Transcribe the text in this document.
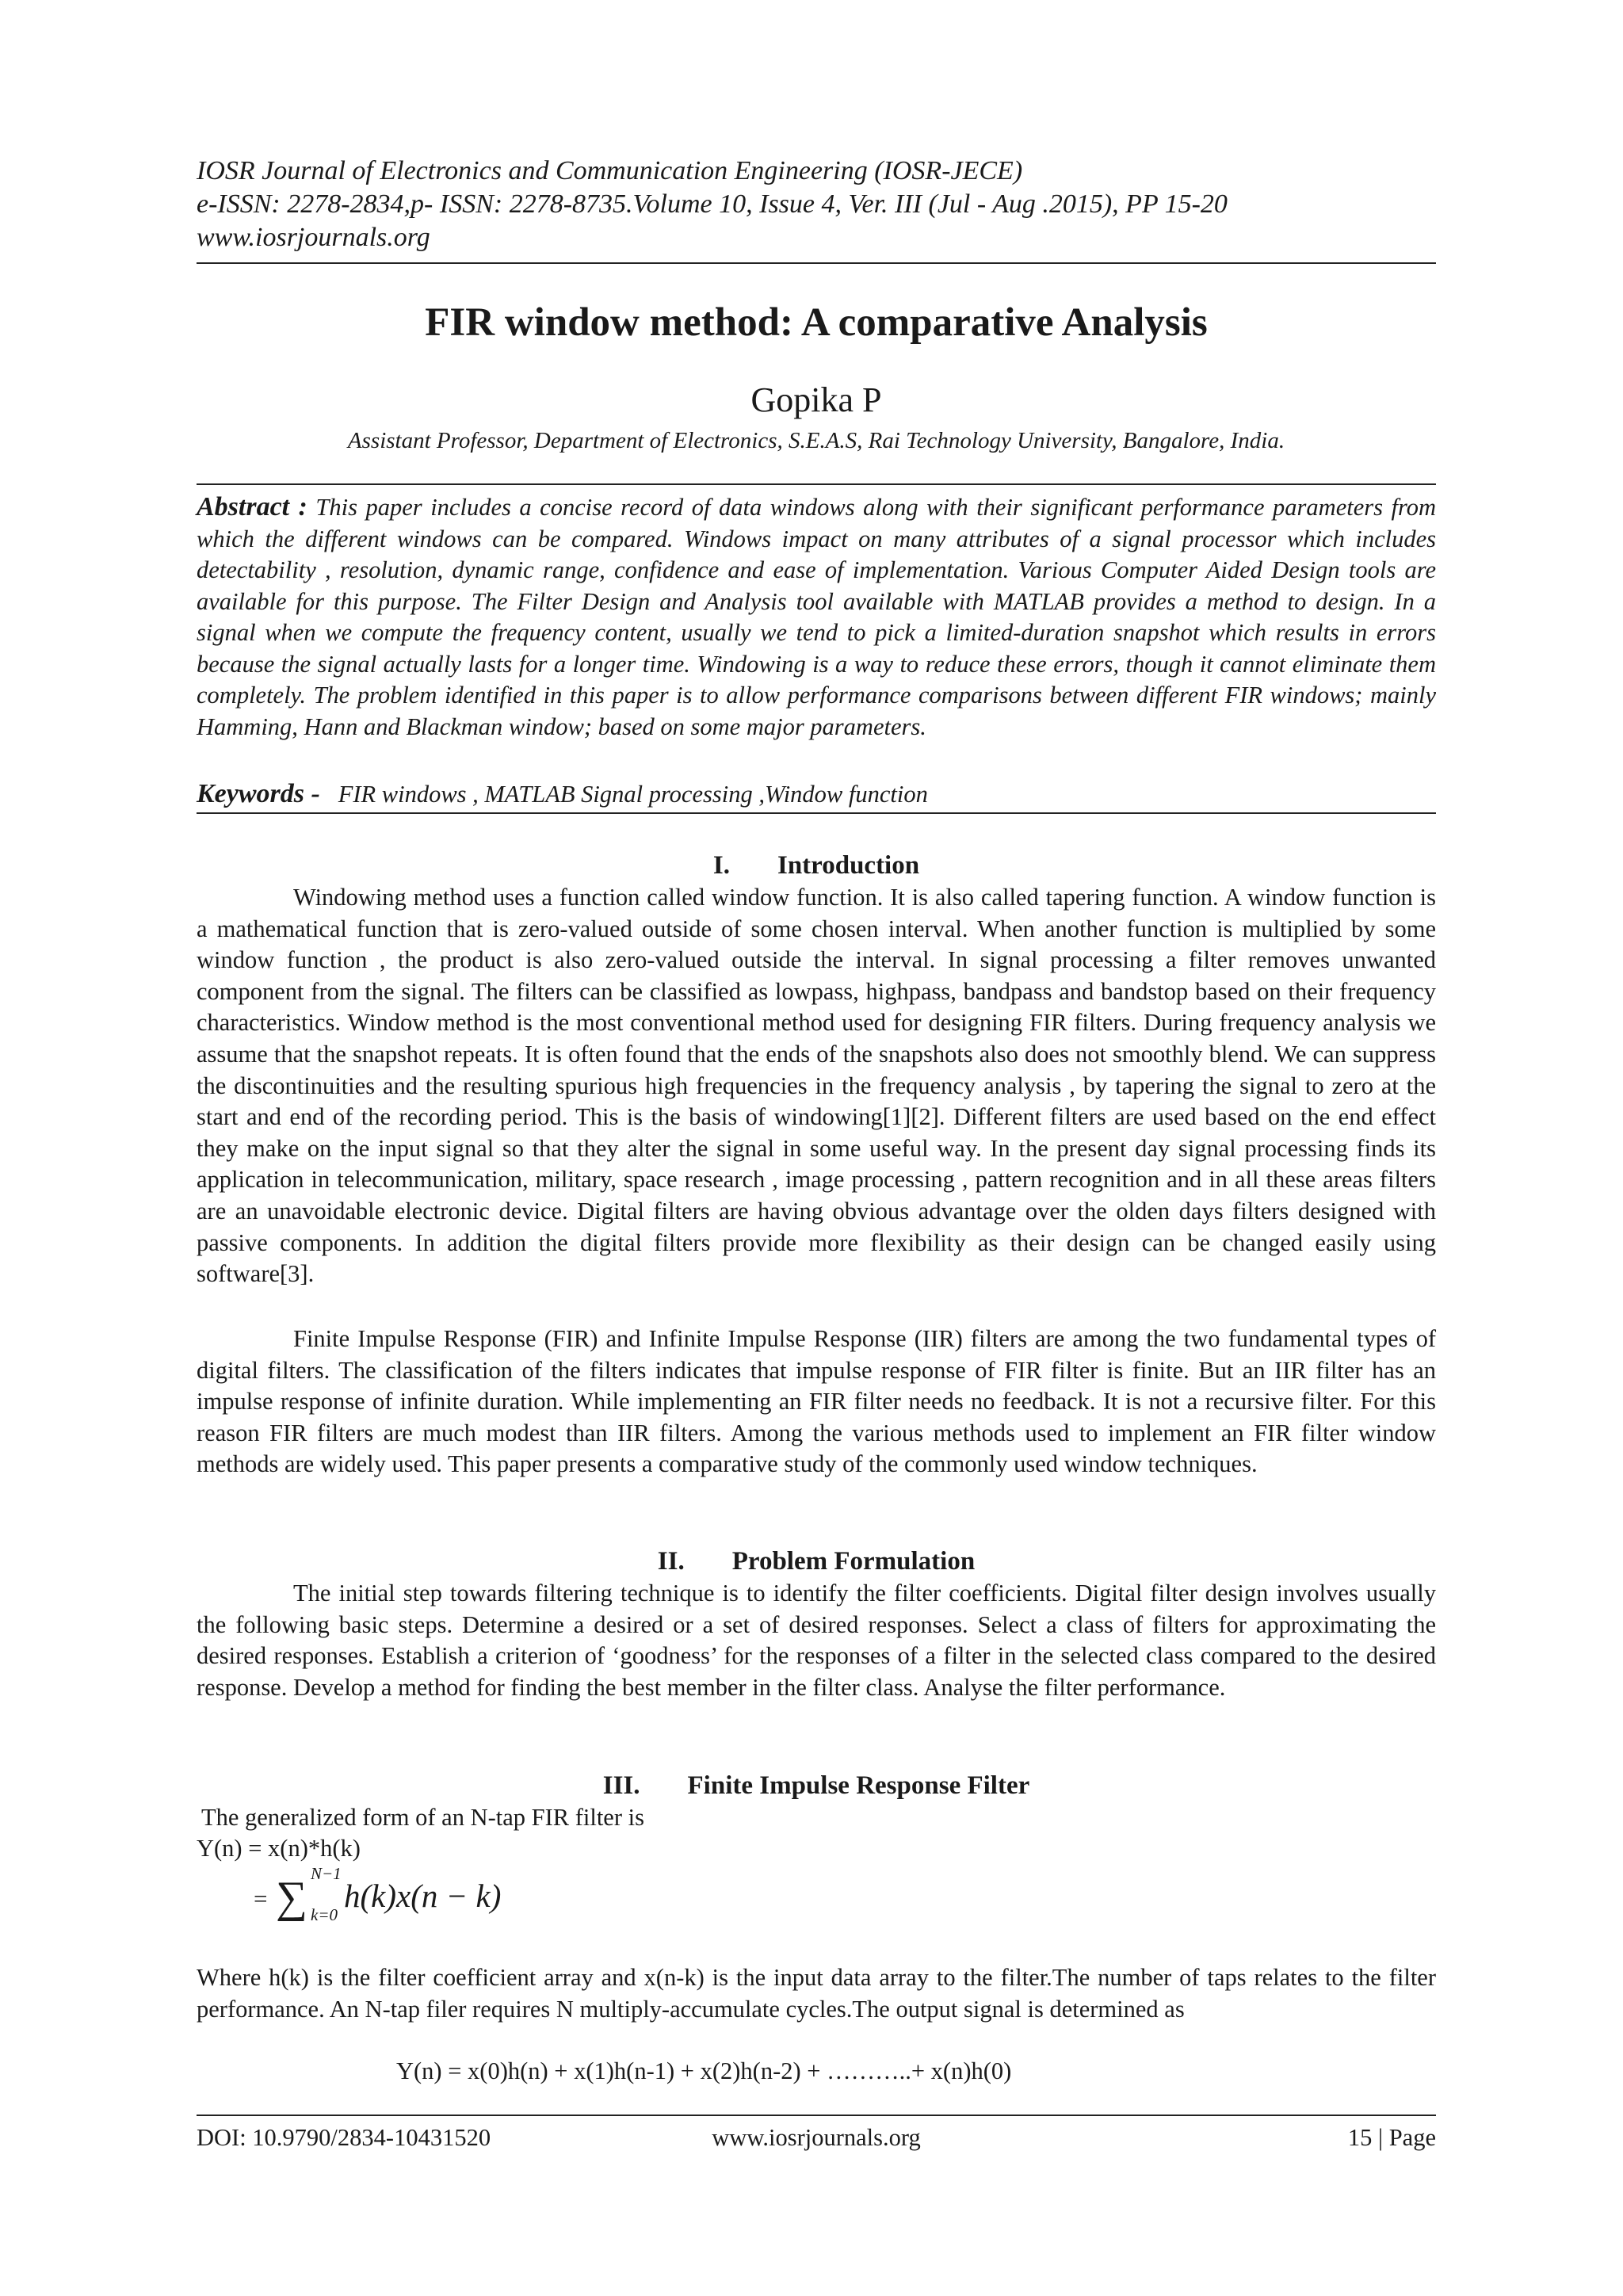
IOSR Journal of Electronics and Communication Engineering (IOSR-JECE)
e-ISSN: 2278-2834,p- ISSN: 2278-8735.Volume 10, Issue 4, Ver. III (Jul - Aug .2015), PP 15-20
www.iosrjournals.org
FIR window method: A comparative Analysis
Gopika P
Assistant Professor, Department of Electronics, S.E.A.S, Rai Technology University, Bangalore, India.
Abstract : This paper includes a concise record of data windows along with their significant performance parameters from which the different windows can be compared. Windows impact on many attributes of a signal processor which includes detectability , resolution, dynamic range, confidence and ease of implementation. Various Computer Aided Design tools are available for this purpose. The Filter Design and Analysis tool available with MATLAB provides a method to design. In a signal when we compute the frequency content, usually we tend to pick a limited-duration snapshot which results in errors because the signal actually lasts for a longer time. Windowing is a way to reduce these errors, though it cannot eliminate them completely. The problem identified in this paper is to allow performance comparisons between different FIR windows; mainly Hamming, Hann and Blackman window; based on some major parameters.
Keywords - FIR windows , MATLAB Signal processing ,Window function
I. Introduction

Windowing method uses a function called window function. It is also called tapering function. A window function is a mathematical function that is zero-valued outside of some chosen interval. When another function is multiplied by some window function , the product is also zero-valued outside the interval. In signal processing a filter removes unwanted component from the signal. The filters can be classified as lowpass, highpass, bandpass and bandstop based on their frequency characteristics. Window method is the most conventional method used for designing FIR filters. During frequency analysis we assume that the snapshot repeats. It is often found that the ends of the snapshots also does not smoothly blend. We can suppress the discontinuities and the resulting spurious high frequencies in the frequency analysis , by tapering the signal to zero at the start and end of the recording period. This is the basis of windowing[1][2]. Different filters are used based on the end effect they make on the input signal so that they alter the signal in some useful way. In the present day signal processing finds its application in telecommunication, military, space research , image processing , pattern recognition and in all these areas filters are an unavoidable electronic device. Digital filters are having obvious advantage over the olden days filters designed with passive components. In addition the digital filters provide more flexibility as their design can be changed easily using software[3].

Finite Impulse Response (FIR) and Infinite Impulse Response (IIR) filters are among the two fundamental types of digital filters. The classification of the filters indicates that impulse response of FIR filter is finite. But an IIR filter has an impulse response of infinite duration. While implementing an FIR filter needs no feedback. It is not a recursive filter. For this reason FIR filters are much modest than IIR filters. Among the various methods used to implement an FIR filter window methods are widely used. This paper presents a comparative study of the commonly used window techniques.

II. Problem Formulation

The initial step towards filtering technique is to identify the filter coefficients. Digital filter design involves usually the following basic steps. Determine a desired or a set of desired responses. Select a class of filters for approximating the desired responses. Establish a criterion of ‘goodness’ for the responses of a filter in the selected class compared to the desired response. Develop a method for finding the best member in the filter class. Analyse the filter performance.

III. Finite Impulse Response Filter
The generalized form of an N-tap FIR filter is
Y(n) = x(n)*h(k)
= ∑ N−1
k=0
h(k)x(n − k)

Where h(k) is the filter coefficient array and x(n-k) is the input data array to the filter.The number of taps relates to the filter performance. An N-tap filer requires N multiply-accumulate cycles.The output signal is determined as

Y(n) = x(0)h(n) + x(1)h(n-1) + x(2)h(n-2) + ………..+ x(n)h(0)
DOI: 10.9790/2834-10431520	www.iosrjournals.org	15 | Page
